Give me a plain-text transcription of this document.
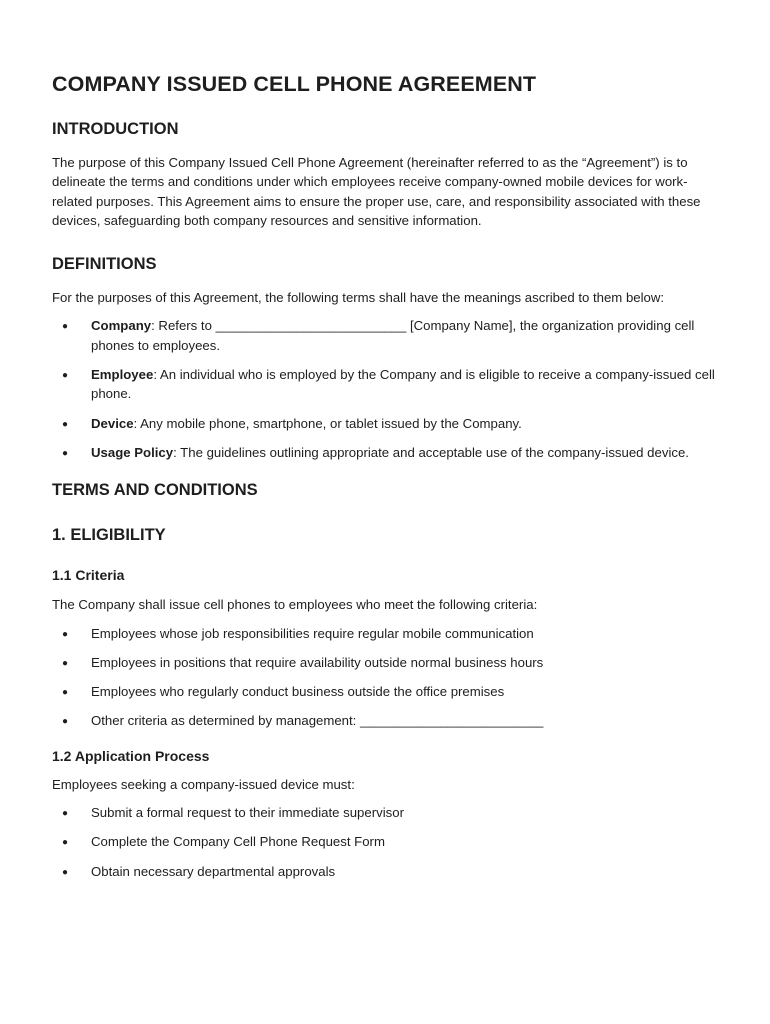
COMPANY ISSUED CELL PHONE AGREEMENT
INTRODUCTION

The purpose of this Company Issued Cell Phone Agreement (hereinafter referred to as the “Agreement”) is to delineate the terms and conditions under which employees receive company-owned mobile devices for work-related purposes. This Agreement aims to ensure the proper use, care, and responsibility associated with these devices, safeguarding both company resources and sensitive information.

DEFINITIONS

For the purposes of this Agreement, the following terms shall have the meanings ascribed to them below:

● Company: Refers to __________________________ [Company Name], the organization providing cell phones to employees.
● Employee: An individual who is employed by the Company and is eligible to receive a company-issued cell phone.
● Device: Any mobile phone, smartphone, or tablet issued by the Company.
● Usage Policy: The guidelines outlining appropriate and acceptable use of the company-issued device.
TERMS AND CONDITIONS
1. ELIGIBILITY
1.1 Criteria

The Company shall issue cell phones to employees who meet the following criteria:

● Employees whose job responsibilities require regular mobile communication
● Employees in positions that require availability outside normal business hours
● Employees who regularly conduct business outside the office premises
● Other criteria as determined by management: _________________________
1.2 Application Process

Employees seeking a company-issued device must:

● Submit a formal request to their immediate supervisor
● Complete the Company Cell Phone Request Form
● Obtain necessary departmental approvals
